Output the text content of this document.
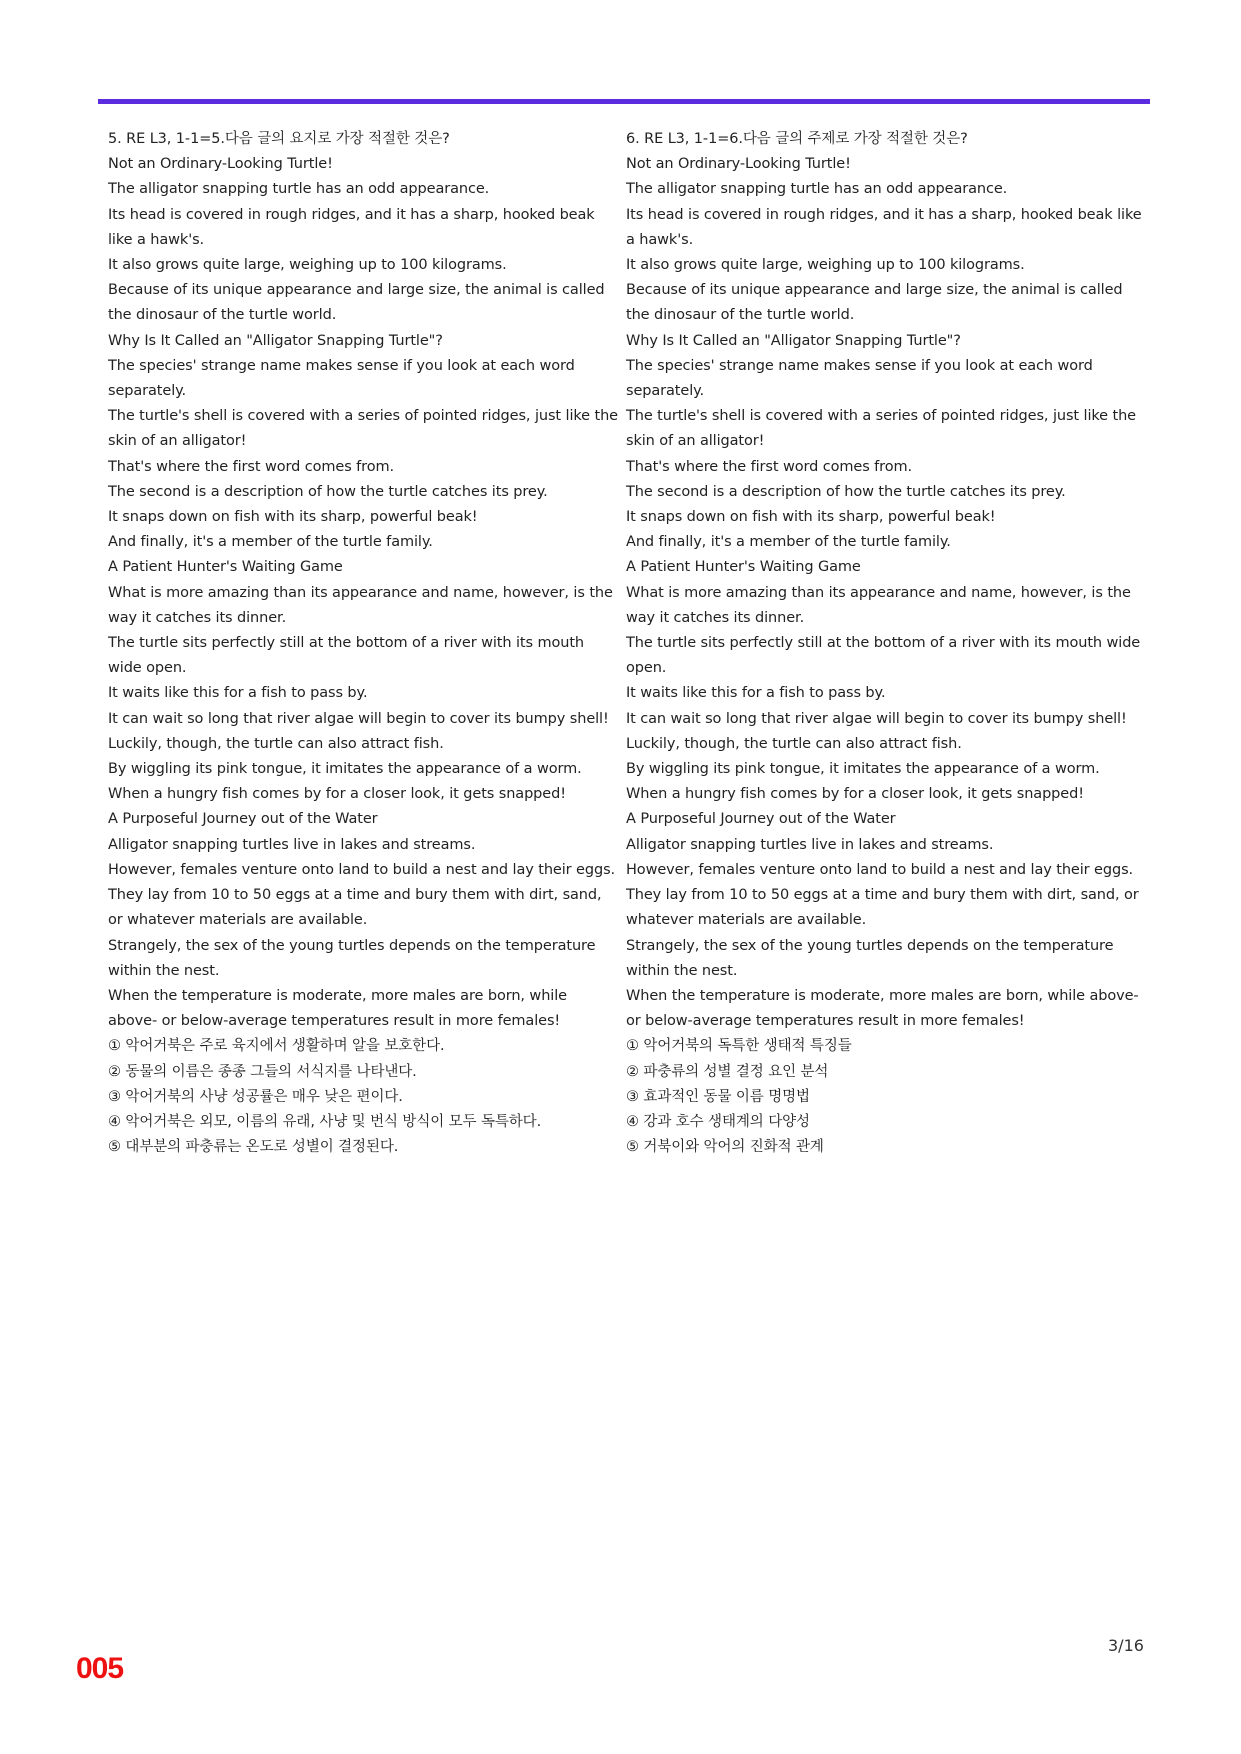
5. RE L3, 1-1=5.다음 글의 요지로 가장 적절한 것은?
Not an Ordinary-Looking Turtle!
The alligator snapping turtle has an odd appearance.
Its head is covered in rough ridges, and it has a sharp, hooked beak like a hawk's.
It also grows quite large, weighing up to 100 kilograms.
Because of its unique appearance and large size, the animal is called the dinosaur of the turtle world.
Why Is It Called an "Alligator Snapping Turtle"?
The species' strange name makes sense if you look at each word separately.
The turtle's shell is covered with a series of pointed ridges, just like the skin of an alligator!
That's where the first word comes from.
The second is a description of how the turtle catches its prey.
It snaps down on fish with its sharp, powerful beak!
And finally, it's a member of the turtle family.
A Patient Hunter's Waiting Game
What is more amazing than its appearance and name, however, is the way it catches its dinner.
The turtle sits perfectly still at the bottom of a river with its mouth wide open.
It waits like this for a fish to pass by.
It can wait so long that river algae will begin to cover its bumpy shell!
Luckily, though, the turtle can also attract fish.
By wiggling its pink tongue, it imitates the appearance of a worm.
When a hungry fish comes by for a closer look, it gets snapped!
A Purposeful Journey out of the Water
Alligator snapping turtles live in lakes and streams.
However, females venture onto land to build a nest and lay their eggs.
They lay from 10 to 50 eggs at a time and bury them with dirt, sand, or whatever materials are available.
Strangely, the sex of the young turtles depends on the temperature within the nest.
When the temperature is moderate, more males are born, while above- or below-average temperatures result in more females!
① 악어거북은 주로 육지에서 생활하며 알을 보호한다.
② 동물의 이름은 종종 그들의 서식지를 나타낸다.
③ 악어거북의 사냥 성공률은 매우 낮은 편이다.
④ 악어거북은 외모, 이름의 유래, 사냥 및 번식 방식이 모두 독특하다.
⑤ 대부분의 파충류는 온도로 성별이 결정된다.
6. RE L3, 1-1=6.다음 글의 주제로 가장 적절한 것은?
Not an Ordinary-Looking Turtle!
The alligator snapping turtle has an odd appearance.
Its head is covered in rough ridges, and it has a sharp, hooked beak like a hawk's.
It also grows quite large, weighing up to 100 kilograms.
Because of its unique appearance and large size, the animal is called the dinosaur of the turtle world.
Why Is It Called an "Alligator Snapping Turtle"?
The species' strange name makes sense if you look at each word separately.
The turtle's shell is covered with a series of pointed ridges, just like the skin of an alligator!
That's where the first word comes from.
The second is a description of how the turtle catches its prey.
It snaps down on fish with its sharp, powerful beak!
And finally, it's a member of the turtle family.
A Patient Hunter's Waiting Game
What is more amazing than its appearance and name, however, is the way it catches its dinner.
The turtle sits perfectly still at the bottom of a river with its mouth wide open.
It waits like this for a fish to pass by.
It can wait so long that river algae will begin to cover its bumpy shell!
Luckily, though, the turtle can also attract fish.
By wiggling its pink tongue, it imitates the appearance of a worm.
When a hungry fish comes by for a closer look, it gets snapped!
A Purposeful Journey out of the Water
Alligator snapping turtles live in lakes and streams.
However, females venture onto land to build a nest and lay their eggs.
They lay from 10 to 50 eggs at a time and bury them with dirt, sand, or whatever materials are available.
Strangely, the sex of the young turtles depends on the temperature within the nest.
When the temperature is moderate, more males are born, while above- or below-average temperatures result in more females!
① 악어거북의 독특한 생태적 특징들
② 파충류의 성별 결정 요인 분석
③ 효과적인 동물 이름 명명법
④ 강과 호수 생태계의 다양성
⑤ 거북이와 악어의 진화적 관계
3/16
005
